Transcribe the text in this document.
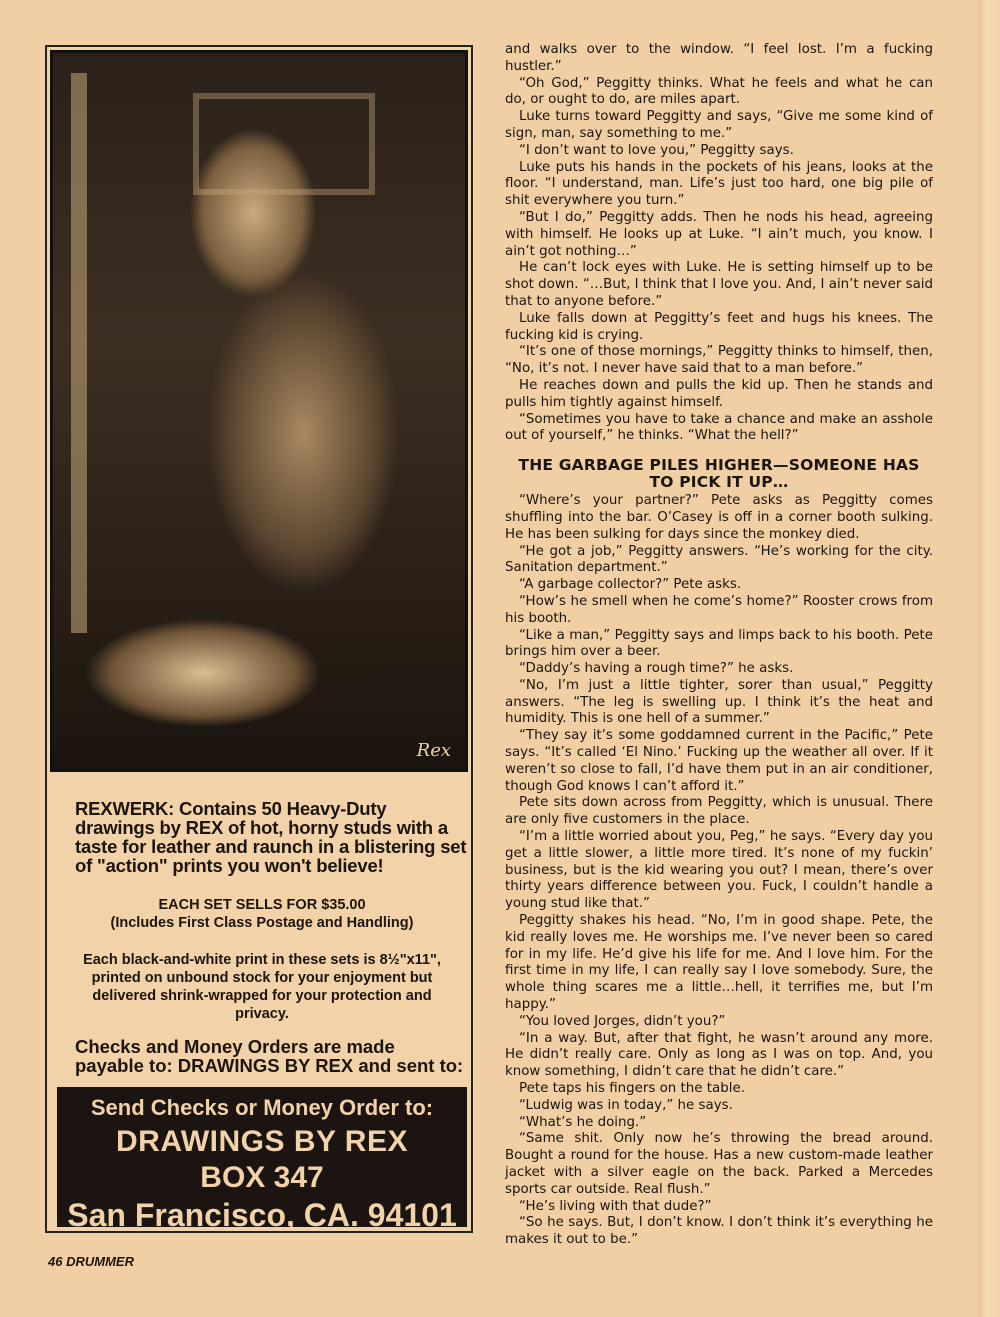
Rex
REXWERK: Contains 50 Heavy-Duty drawings by REX of hot, horny studs with a taste for leather and raunch in a blistering set of "action" prints you won't believe!
EACH SET SELLS FOR $35.00
(Includes First Class Postage and Handling)
Each black-and-white print in these sets is 8½"x11", printed on unbound stock for your enjoyment but delivered shrink-wrapped for your protection and privacy.
Checks and Money Orders are made payable to: DRAWINGS BY REX and sent to:
Send Checks or Money Order to:
DRAWINGS BY REX
BOX 347
San Francisco, CA. 94101
46 DRUMMER

and walks over to the window. “I feel lost. I’m a fucking hustler.”

“Oh God,” Peggitty thinks. What he feels and what he can do, or ought to do, are miles apart.

Luke turns toward Peggitty and says, “Give me some kind of sign, man, say something to me.”

“I don’t want to love you,” Peggitty says.

Luke puts his hands in the pockets of his jeans, looks at the floor. “I understand, man. Life’s just too hard, one big pile of shit everywhere you turn.”

“But I do,” Peggitty adds. Then he nods his head, agreeing with himself. He looks up at Luke. “I ain’t much, you know. I ain’t got nothing…”

He can’t lock eyes with Luke. He is setting himself up to be shot down. “…But, I think that I love you. And, I ain’t never said that to anyone before.”

Luke falls down at Peggitty’s feet and hugs his knees. The fucking kid is crying.

“It’s one of those mornings,” Peggitty thinks to himself, then, “No, it’s not. I never have said that to a man before.”

He reaches down and pulls the kid up. Then he stands and pulls him tightly against himself.

“Sometimes you have to take a chance and make an asshole out of yourself,” he thinks. “What the hell?”

THE GARBAGE PILES HIGHER—SOMEONE HAS TO PICK IT UP…

“Where’s your partner?” Pete asks as Peggitty comes shuffling into the bar. O’Casey is off in a corner booth sulking. He has been sulking for days since the monkey died.

“He got a job,” Peggitty answers. “He’s working for the city. Sanitation department.”

“A garbage collector?” Pete asks.

“How’s he smell when he come’s home?” Rooster crows from his booth.

“Like a man,” Peggitty says and limps back to his booth. Pete brings him over a beer.

“Daddy’s having a rough time?” he asks.

“No, I’m just a little tighter, sorer than usual,” Peggitty answers. “The leg is swelling up. I think it’s the heat and humidity. This is one hell of a summer.”

“They say it’s some goddamned current in the Pacific,” Pete says. “It’s called ‘El Nino.’ Fucking up the weather all over. If it weren’t so close to fall, I’d have them put in an air conditioner, though God knows I can’t afford it.”

Pete sits down across from Peggitty, which is unusual. There are only five customers in the place.

“I’m a little worried about you, Peg,” he says. “Every day you get a little slower, a little more tired. It’s none of my fuckin’ business, but is the kid wearing you out? I mean, there’s over thirty years difference between you. Fuck, I couldn’t handle a young stud like that.”

Peggitty shakes his head. “No, I’m in good shape. Pete, the kid really loves me. He worships me. I’ve never been so cared for in my life. He’d give his life for me. And I love him. For the first time in my life, I can really say I love somebody. Sure, the whole thing scares me a little…hell, it terrifies me, but I’m happy.”

“You loved Jorges, didn’t you?”

“In a way. But, after that fight, he wasn’t around any more. He didn’t really care. Only as long as I was on top. And, you know something, I didn’t care that he didn’t care.”

Pete taps his fingers on the table.

“Ludwig was in today,” he says.

“What’s he doing.”

“Same shit. Only now he’s throwing the bread around. Bought a round for the house. Has a new custom-made leather jacket with a silver eagle on the back. Parked a Mercedes sports car outside. Real flush.”

“He’s living with that dude?”

“So he says. But, I don’t know. I don’t think it’s everything he makes it out to be.”
